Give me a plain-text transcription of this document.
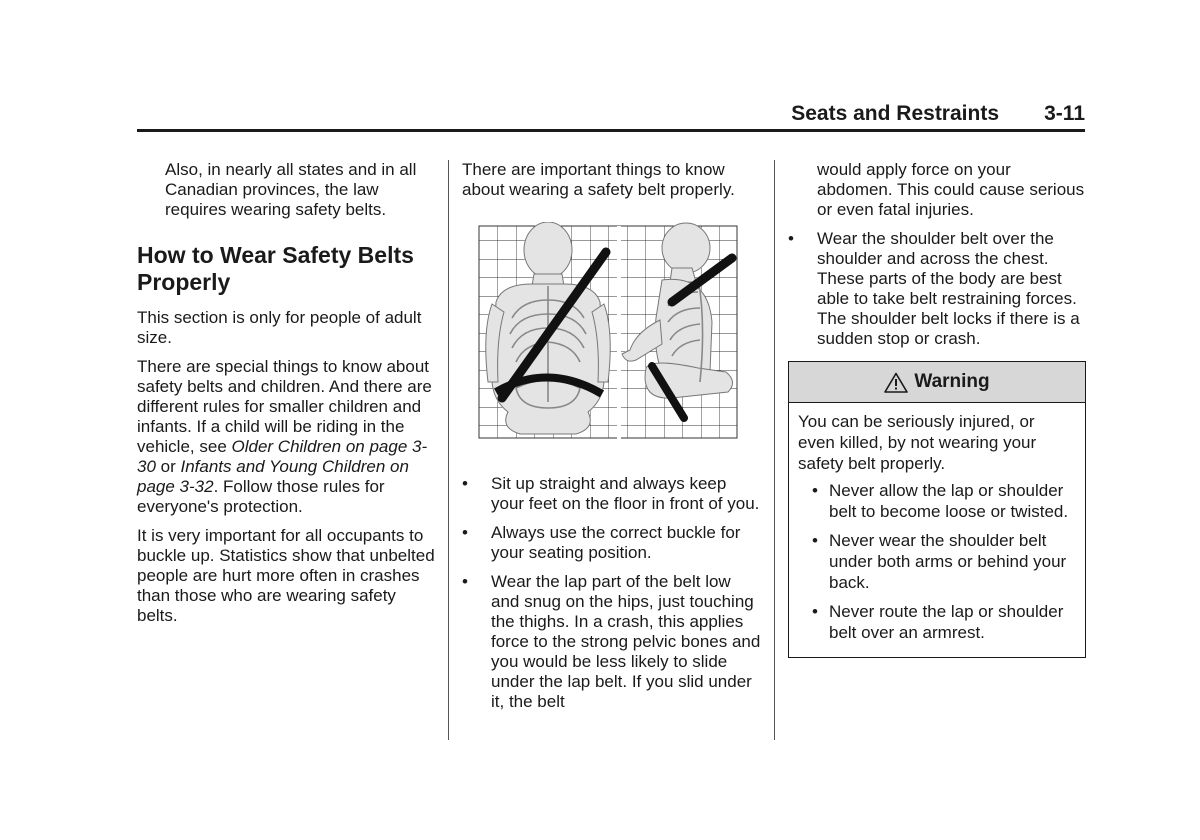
Seats and Restraints 3-11

Also, in nearly all states and in all Canadian provinces, the law requires wearing safety belts.

How to Wear Safety Belts Properly

This section is only for people of adult size.

There are special things to know about safety belts and children. And there are different rules for smaller children and infants. If a child will be riding in the vehicle, see Older Children on page 3-30 or Infants and Young Children on page 3-32. Follow those rules for everyone's protection.

It is very important for all occupants to buckle up. Statistics show that unbelted people are hurt more often in crashes than those who are wearing safety belts.

There are important things to know about wearing a safety belt properly.

• Sit up straight and always keep your feet on the floor in front of you.
• Always use the correct buckle for your seating position.
• Wear the lap part of the belt low and snug on the hips, just touching the thighs. In a crash, this applies force to the strong pelvic bones and you would be less likely to slide under the lap belt. If you slid under it, the belt

would apply force on your abdomen. This could cause serious or even fatal injuries.

• Wear the shoulder belt over the shoulder and across the chest. These parts of the body are best able to take belt restraining forces. The shoulder belt locks if there is a sudden stop or crash.
Warning

You can be seriously injured, or even killed, by not wearing your safety belt properly.

• Never allow the lap or shoulder belt to become loose or twisted.
• Never wear the shoulder belt under both arms or behind your back.
• Never route the lap or shoulder belt over an armrest.
